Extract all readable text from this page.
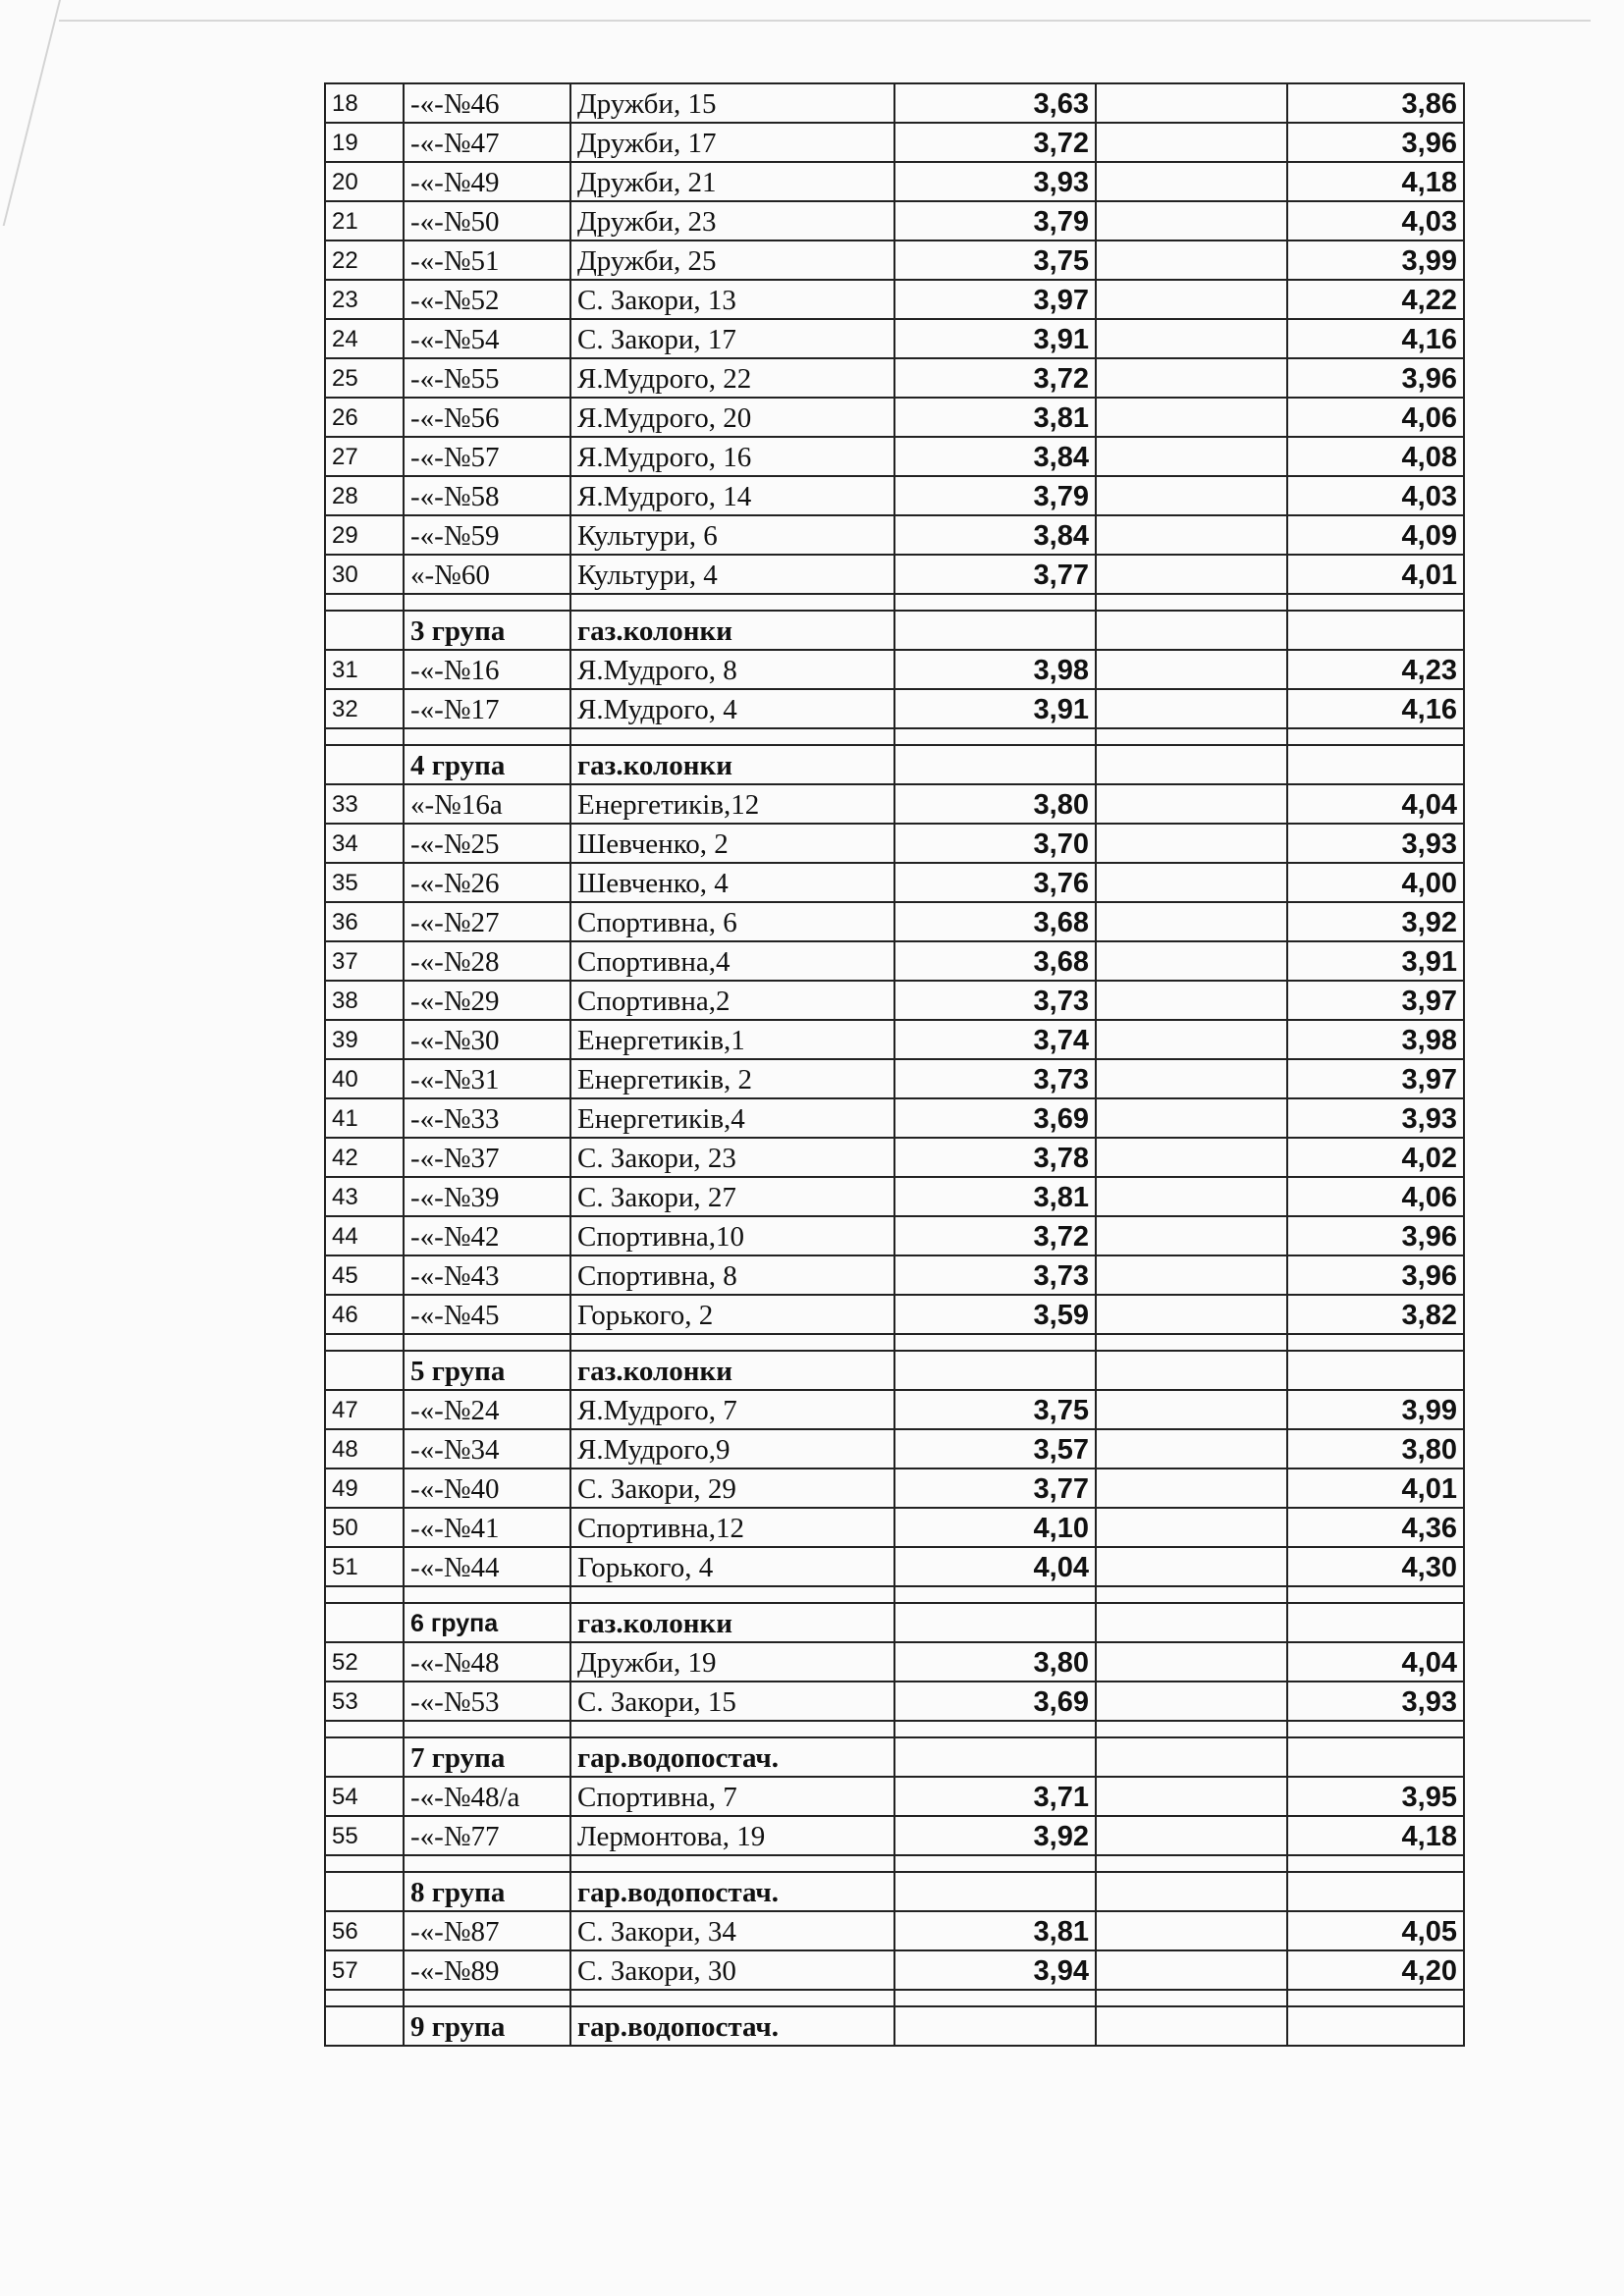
18	-«-№46	Дружби, 15	3,63		3,86
19	-«-№47	Дружби, 17	3,72		3,96
20	-«-№49	Дружби, 21	3,93		4,18
21	-«-№50	Дружби, 23	3,79		4,03
22	-«-№51	Дружби, 25	3,75		3,99
23	-«-№52	С. Закори, 13	3,97		4,22
24	-«-№54	С. Закори, 17	3,91		4,16
25	-«-№55	Я.Мудрого, 22	3,72		3,96
26	-«-№56	Я.Мудрого, 20	3,81		4,06
27	-«-№57	Я.Мудрого, 16	3,84		4,08
28	-«-№58	Я.Мудрого, 14	3,79		4,03
29	-«-№59	Культури, 6	3,84		4,09
30	«-№60	Культури, 4	3,77		4,01

	3 група	газ.колонки			
31	-«-№16	Я.Мудрого, 8	3,98		4,23
32	-«-№17	Я.Мудрого, 4	3,91		4,16

	4 група	газ.колонки			
33	«-№16а	Енергетиків,12	3,80		4,04
34	-«-№25	Шевченко, 2	3,70		3,93
35	-«-№26	Шевченко, 4	3,76		4,00
36	-«-№27	Спортивна, 6	3,68		3,92
37	-«-№28	Спортивна,4	3,68		3,91
38	-«-№29	Спортивна,2	3,73		3,97
39	-«-№30	Енергетиків,1	3,74		3,98
40	-«-№31	Енергетиків, 2	3,73		3,97
41	-«-№33	Енергетиків,4	3,69		3,93
42	-«-№37	С. Закори, 23	3,78		4,02
43	-«-№39	С. Закори, 27	3,81		4,06
44	-«-№42	Спортивна,10	3,72		3,96
45	-«-№43	Спортивна, 8	3,73		3,96
46	-«-№45	Горького, 2	3,59		3,82

	5 група	газ.колонки			
47	-«-№24	Я.Мудрого, 7	3,75		3,99
48	-«-№34	Я.Мудрого,9	3,57		3,80
49	-«-№40	С. Закори, 29	3,77		4,01
50	-«-№41	Спортивна,12	4,10		4,36
51	-«-№44	Горького, 4	4,04		4,30

	6 група	газ.колонки			
52	-«-№48	Дружби, 19	3,80		4,04
53	-«-№53	С. Закори, 15	3,69		3,93

	7 група	гар.водопостач.			
54	-«-№48/а	Спортивна, 7	3,71		3,95
55	-«-№77	Лермонтова, 19	3,92		4,18

	8 група	гар.водопостач.			
56	-«-№87	С. Закори, 34	3,81		4,05
57	-«-№89	С. Закори, 30	3,94		4,20

	9 група	гар.водопостач.			
